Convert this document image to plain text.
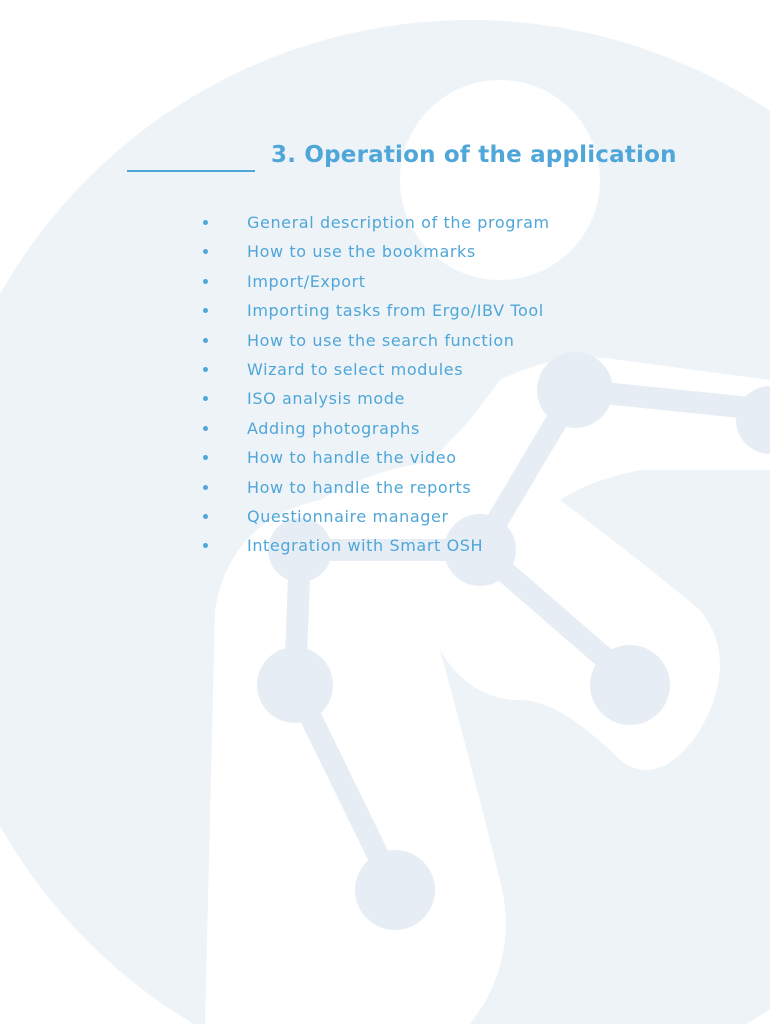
3. Operation of the application
General description of the program
How to use the bookmarks
Import/Export
Importing tasks from Ergo/IBV Tool
How to use the search function
Wizard to select modules
ISO analysis mode
Adding photographs
How to handle the video
How to handle the reports
Questionnaire manager
Integration with Smart OSH
